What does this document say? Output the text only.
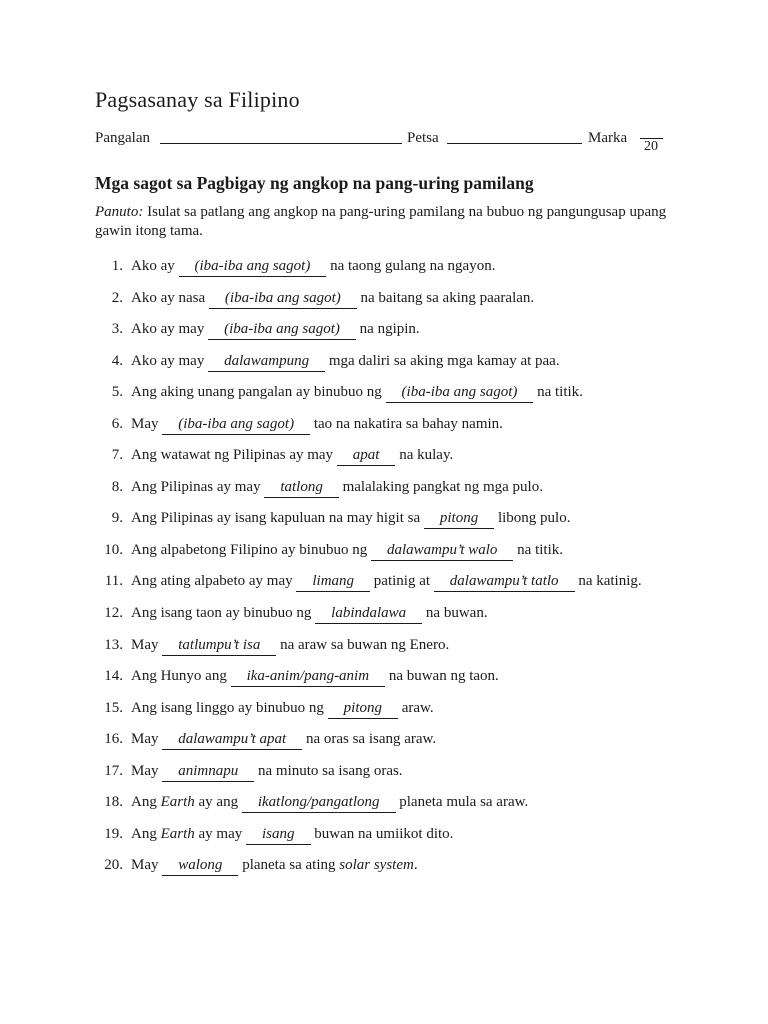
Pagsasanay sa Filipino
Pangalan	Petsa	Marka
20
Mga sagot sa Pagbigay ng angkop na pang-uring pamilang

Panuto: Isulat sa patlang ang angkop na pang-uring pamilang na bubuo ng pangungusap upang gawin itong tama.

1. Ako ay (iba-iba ang sagot) na taong gulang na ngayon.
2. Ako ay nasa (iba-iba ang sagot) na baitang sa aking paaralan.
3. Ako ay may (iba-iba ang sagot) na ngipin.
4. Ako ay may dalawampung mga daliri sa aking mga kamay at paa.
5. Ang aking unang pangalan ay binubuo ng (iba-iba ang sagot) na titik.
6. May (iba-iba ang sagot) tao na nakatira sa bahay namin.
7. Ang watawat ng Pilipinas ay may apat na kulay.
8. Ang Pilipinas ay may tatlong malalaking pangkat ng mga pulo.
9. Ang Pilipinas ay isang kapuluan na may higit sa pitong libong pulo.
10. Ang alpabetong Filipino ay binubuo ng dalawampu’t walo na titik.
11. Ang ating alpabeto ay may limang patinig at dalawampu’t tatlo na katinig.
12. Ang isang taon ay binubuo ng labindalawa na buwan.
13. May tatlumpu’t isa na araw sa buwan ng Enero.
14. Ang Hunyo ang ika-anim/pang-anim na buwan ng taon.
15. Ang isang linggo ay binubuo ng pitong araw.
16. May dalawampu’t apat na oras sa isang araw.
17. May animnapu na minuto sa isang oras.
18. Ang Earth ay ang ikatlong/pangatlong planeta mula sa araw.
19. Ang Earth ay may isang buwan na umiikot dito.
20. May walong planeta sa ating solar system.
